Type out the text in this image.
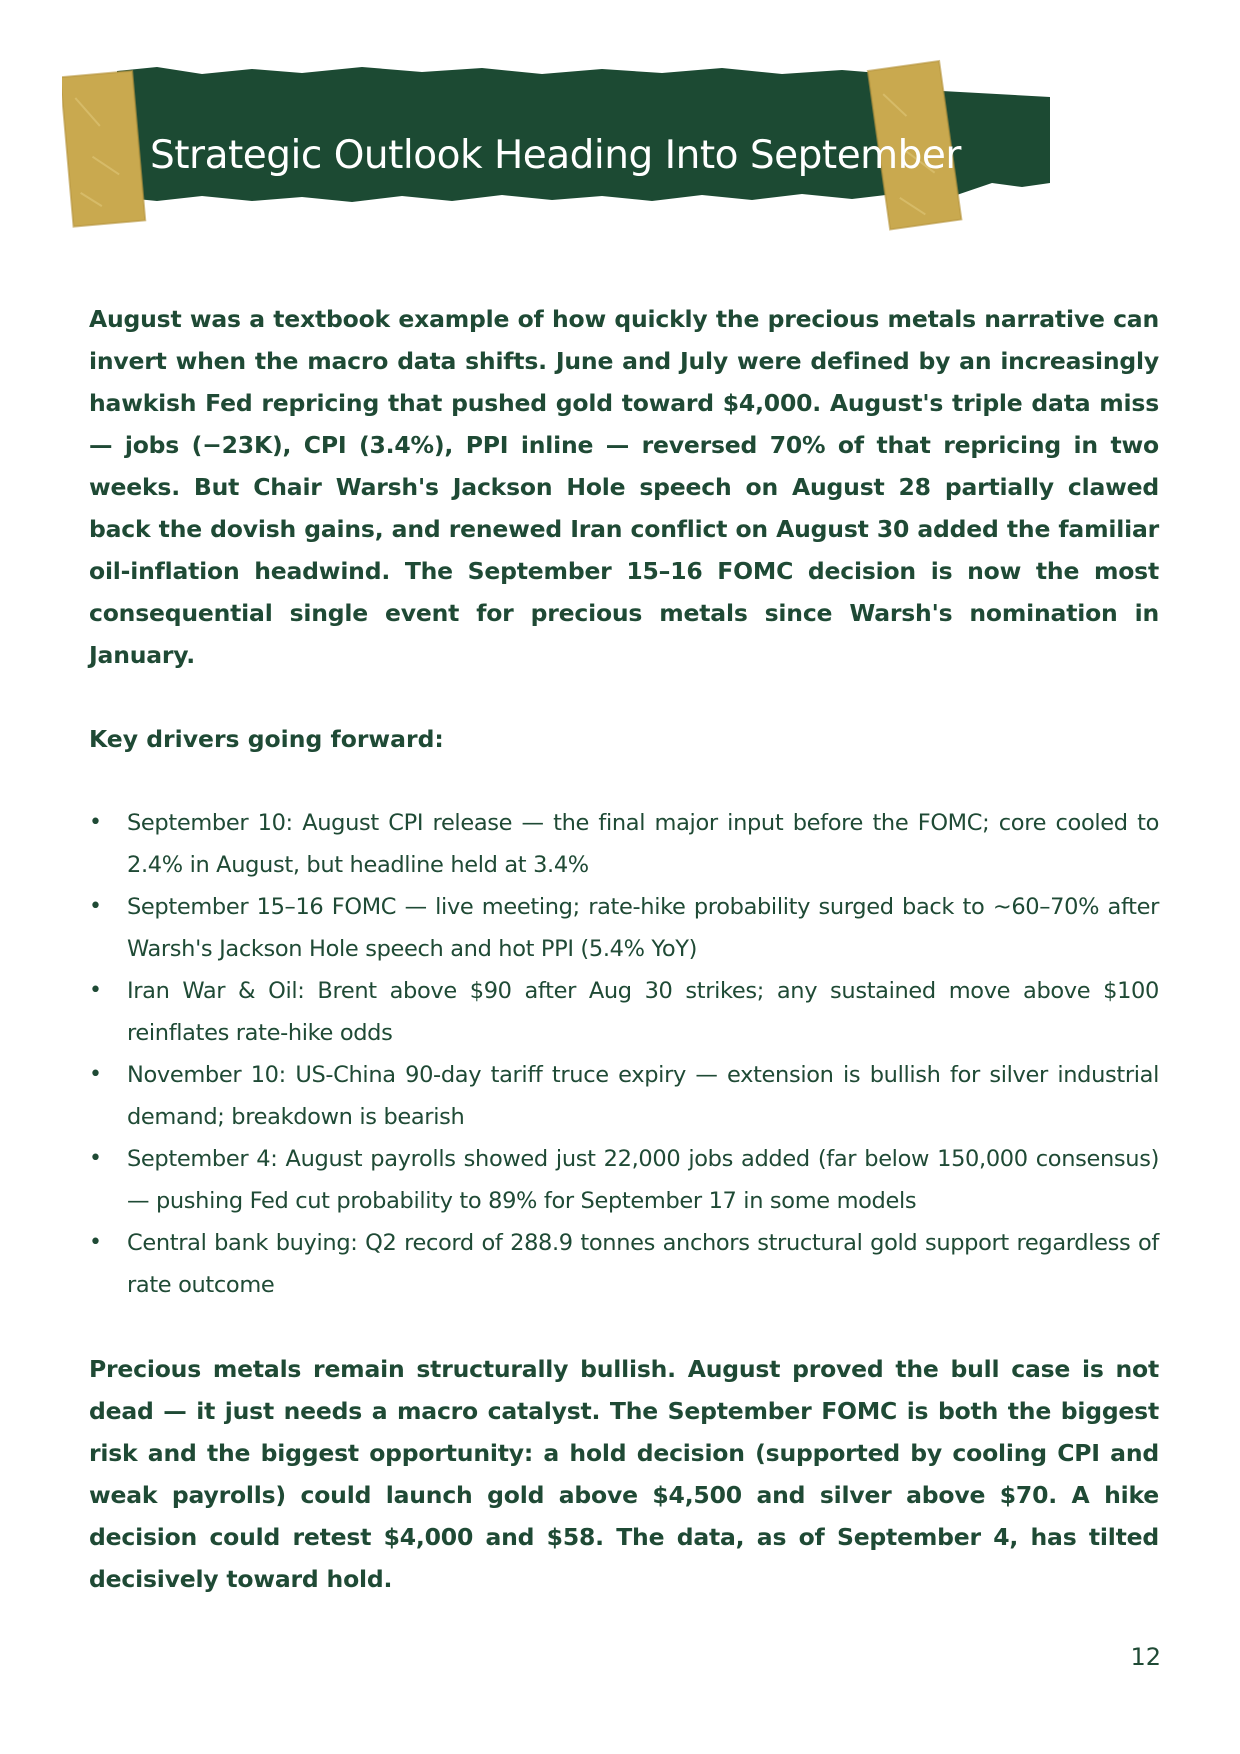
Strategic Outlook Heading Into September

August was a textbook example of how quickly the precious metals narrative can invert when the macro data shifts. June and July were defined by an increasingly hawkish Fed repricing that pushed gold toward $4,000. August's triple data miss — jobs (−23K), CPI (3.4%), PPI inline — reversed 70% of that repricing in two weeks. But Chair Warsh's Jackson Hole speech on August 28 partially clawed back the dovish gains, and renewed Iran conflict on August 30 added the familiar oil-inflation headwind. The September 15–16 FOMC decision is now the most consequential single event for precious metals since Warsh's nomination in January.

Key drivers going forward:
• September 10: August CPI release — the final major input before the FOMC; core cooled to 2.4% in August, but headline held at 3.4%
• September 15–16 FOMC — live meeting; rate-hike probability surged back to ~60–70% after Warsh's Jackson Hole speech and hot PPI (5.4% YoY)
• Iran War & Oil: Brent above $90 after Aug 30 strikes; any sustained move above $100 reinflates rate-hike odds
• November 10: US-China 90-day tariff truce expiry — extension is bullish for silver industrial demand; breakdown is bearish
• September 4: August payrolls showed just 22,000 jobs added (far below 150,000 consensus) — pushing Fed cut probability to 89% for September 17 in some models
• Central bank buying: Q2 record of 288.9 tonnes anchors structural gold support regardless of rate outcome

Precious metals remain structurally bullish. August proved the bull case is not dead — it just needs a macro catalyst. The September FOMC is both the biggest risk and the biggest opportunity: a hold decision (supported by cooling CPI and weak payrolls) could launch gold above $4,500 and silver above $70. A hike decision could retest $4,000 and $58. The data, as of September 4, has tilted decisively toward hold.

12
